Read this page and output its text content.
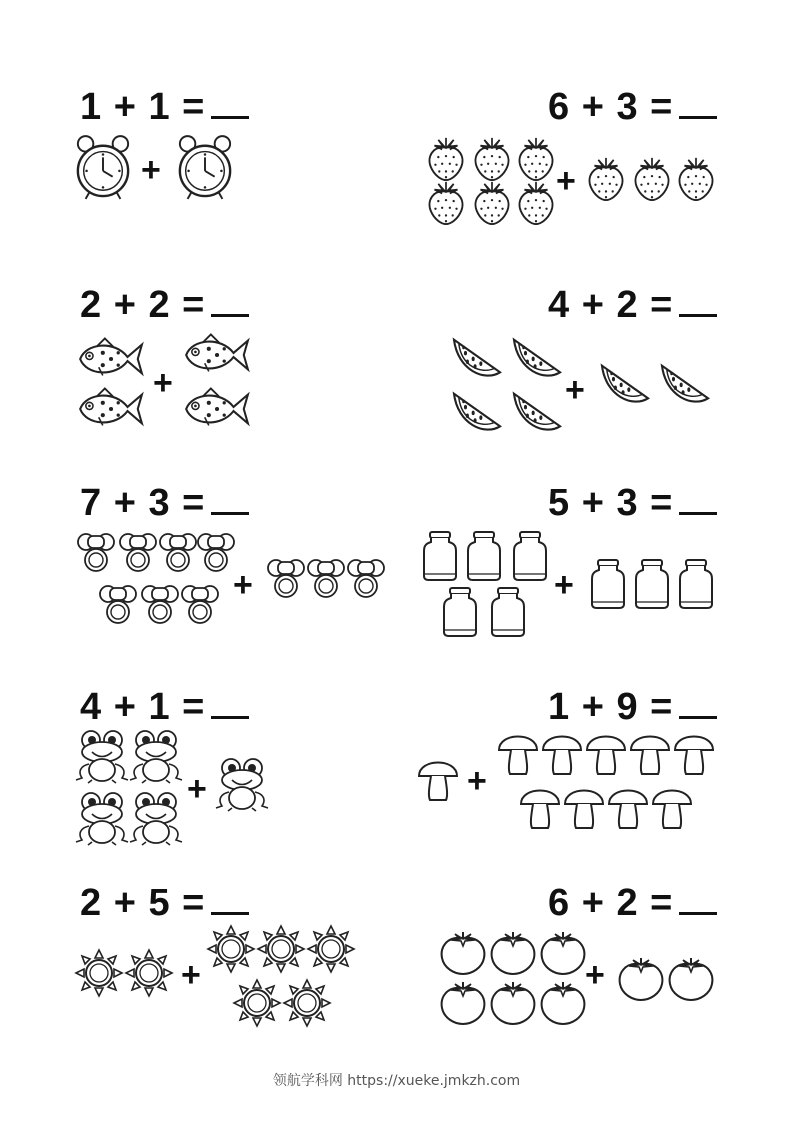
1 + 1 =	6 + 3 =
2 + 2 =	4 + 2 =
7 + 3 =	5 + 3 =
4 + 1 =	1 + 9 =
2 + 5 =	6 + 2 =
+	+
+	+
+	+
+	+
+	+
领航学科网 https://xueke.jmkzh.com
